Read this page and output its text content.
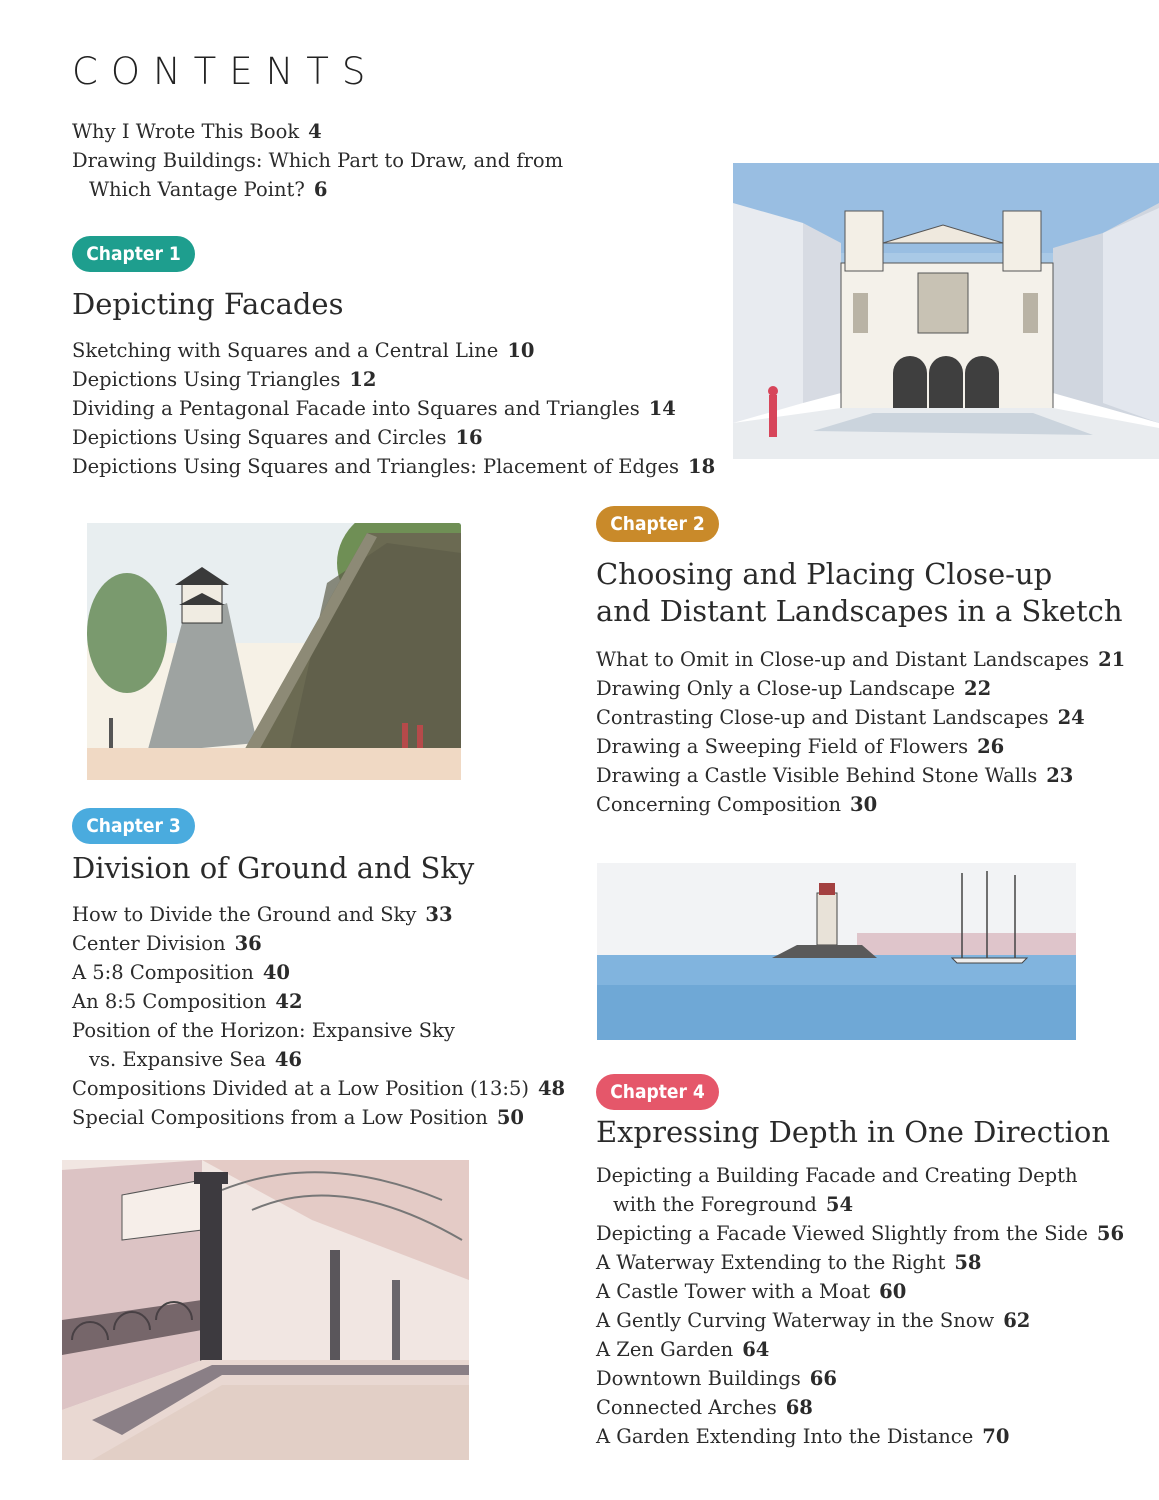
CONTENTS
Why I Wrote This Book 4
Drawing Buildings: Which Part to Draw, and from
Which Vantage Point? 6
Chapter 1
Depicting Facades
Sketching with Squares and a Central Line 10
Depictions Using Triangles 12
Dividing a Pentagonal Facade into Squares and Triangles 14
Depictions Using Squares and Circles 16
Depictions Using Squares and Triangles: Placement of Edges 18
Chapter 2
Choosing and Placing Close-up
and Distant Landscapes in a Sketch
What to Omit in Close-up and Distant Landscapes 21
Drawing Only a Close-up Landscape 22
Contrasting Close-up and Distant Landscapes 24
Drawing a Sweeping Field of Flowers 26
Drawing a Castle Visible Behind Stone Walls 23
Concerning Composition 30
Chapter 3
Division of Ground and Sky
How to Divide the Ground and Sky 33
Center Division 36
A 5:8 Composition 40
An 8:5 Composition 42
Position of the Horizon: Expansive Sky
vs. Expansive Sea 46
Compositions Divided at a Low Position (13:5) 48
Special Compositions from a Low Position 50
Chapter 4
Expressing Depth in One Direction
Depicting a Building Facade and Creating Depth
with the Foreground 54
Depicting a Facade Viewed Slightly from the Side 56
A Waterway Extending to the Right 58
A Castle Tower with a Moat 60
A Gently Curving Waterway in the Snow 62
A Zen Garden 64
Downtown Buildings 66
Connected Arches 68
A Garden Extending Into the Distance 70
